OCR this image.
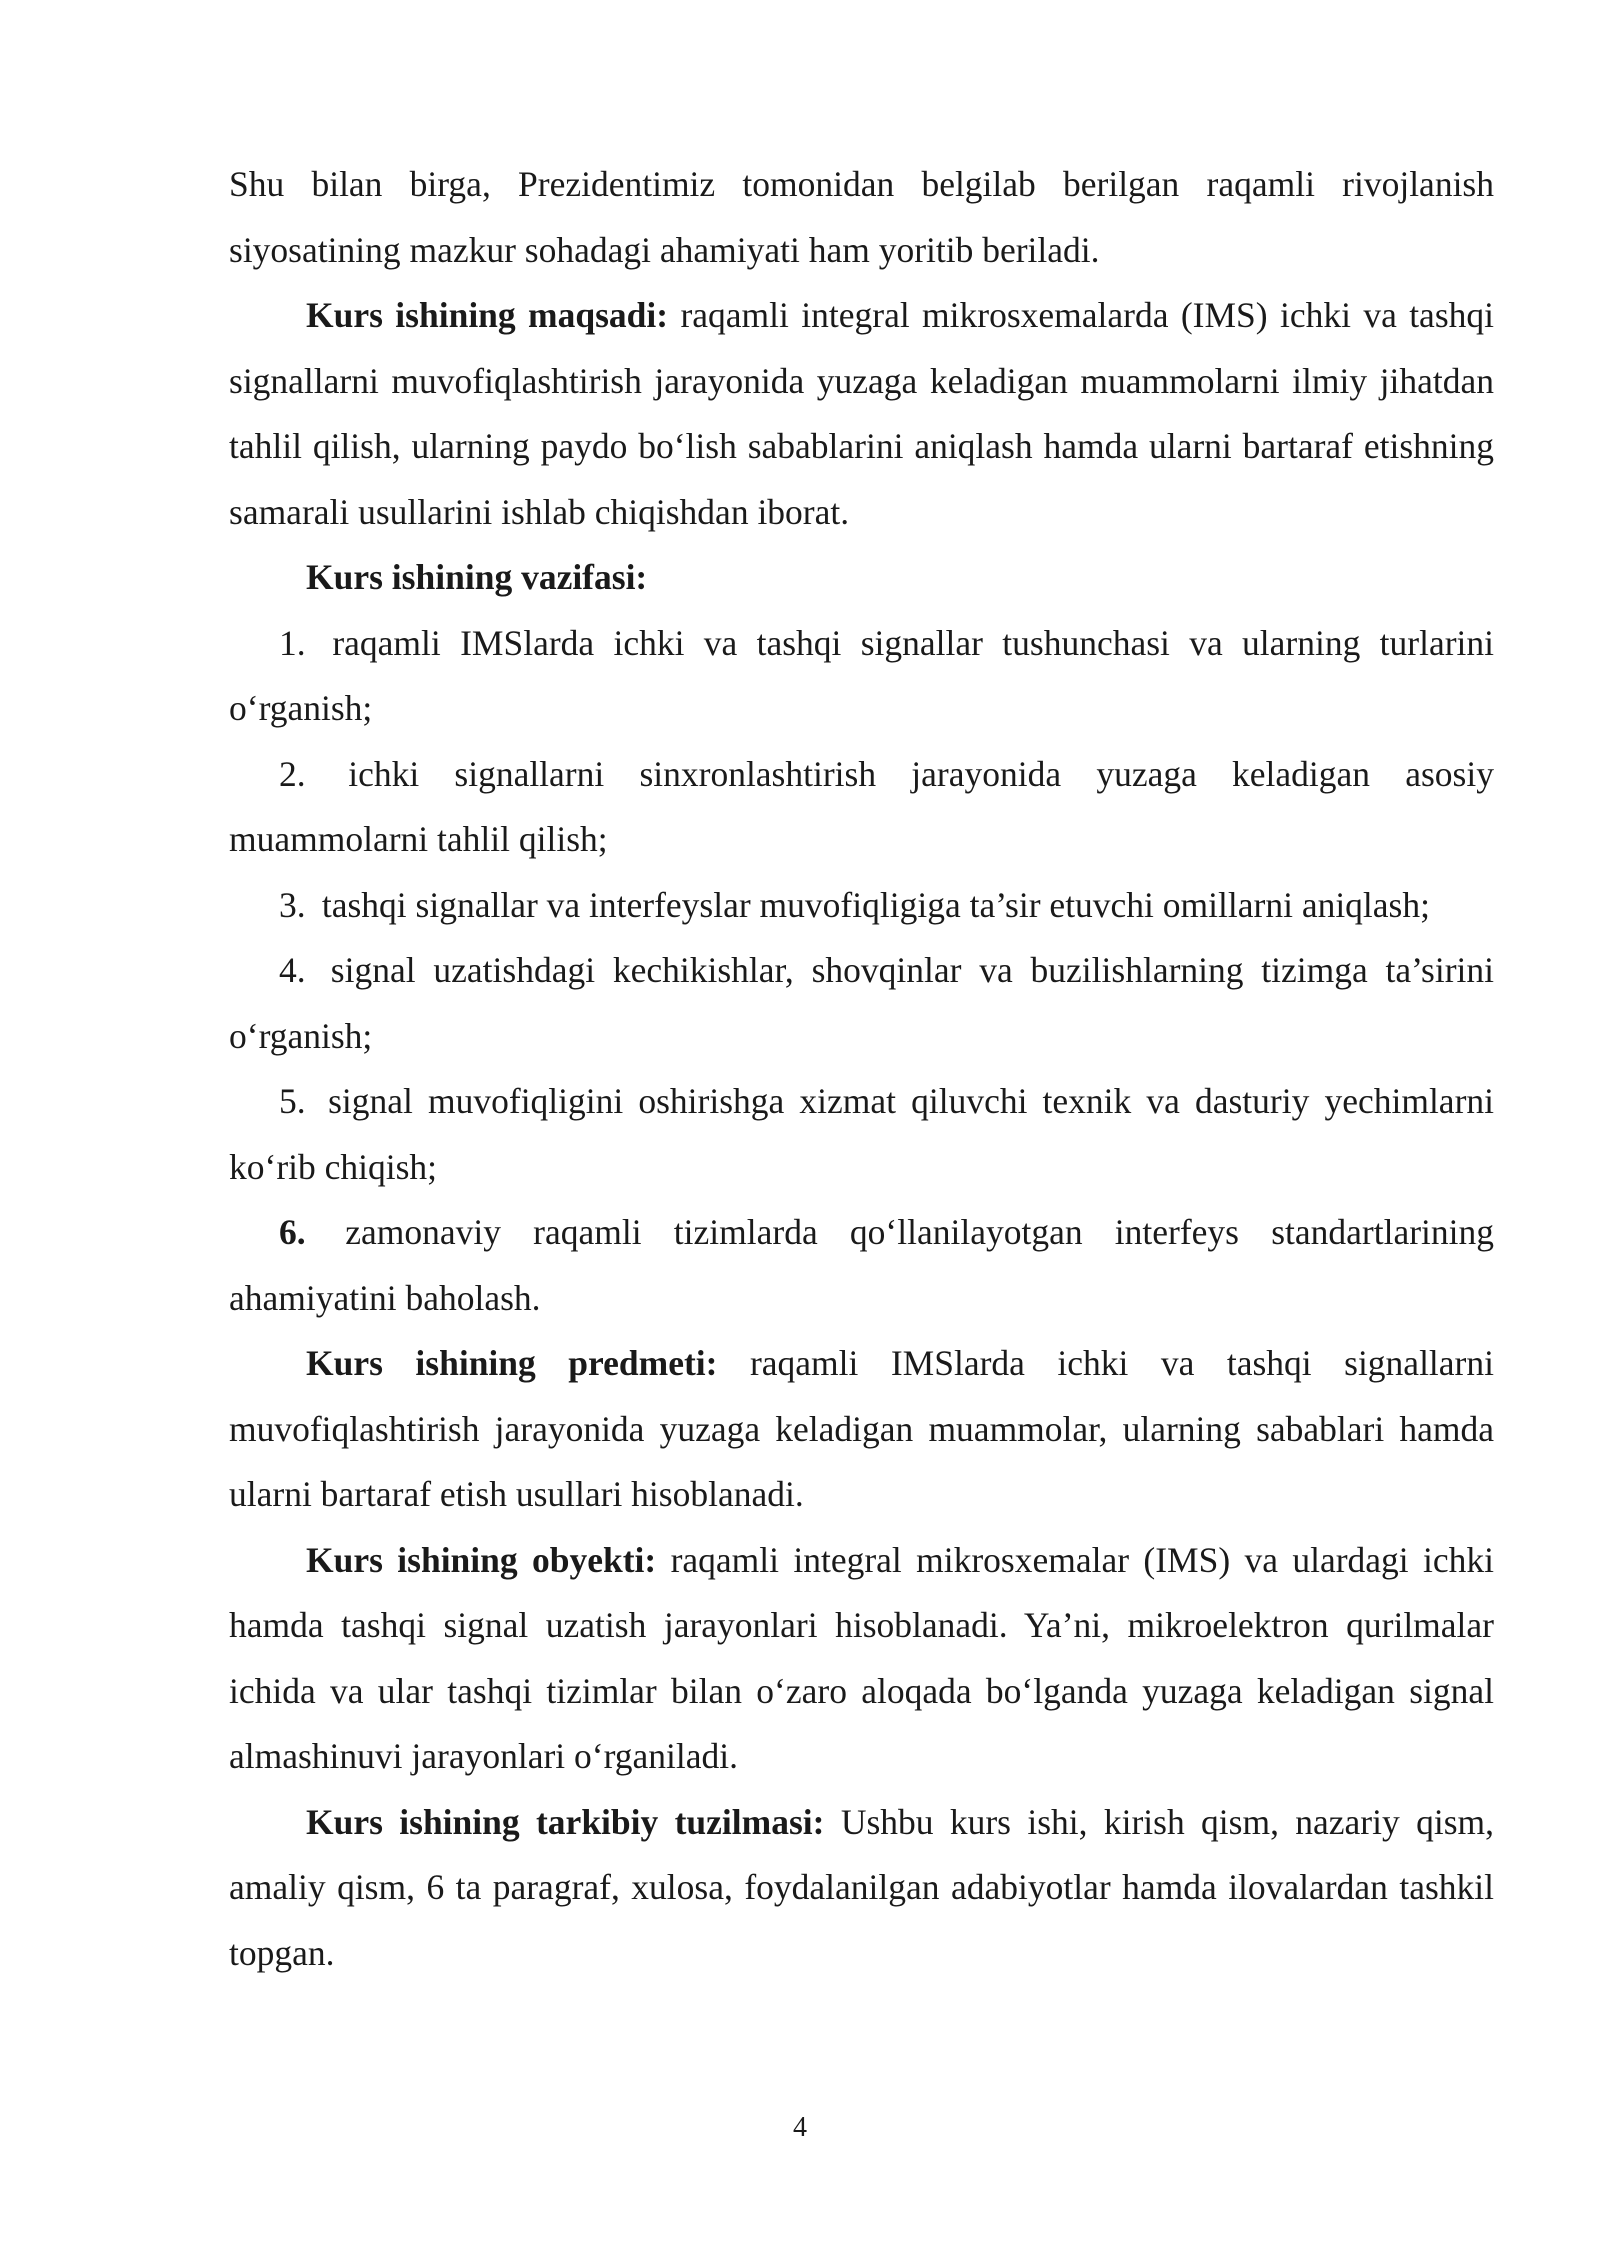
Shu bilan birga, Prezidentimiz tomonidan belgilab berilgan raqamli rivojlanish siyosatining mazkur sohadagi ahamiyati ham yoritib beriladi.

Kurs ishining maqsadi: raqamli integral mikrosxemalarda (IMS) ichki va tashqi signallarni muvofiqlashtirish jarayonida yuzaga keladigan muammolarni ilmiy jihatdan tahlil qilish, ularning paydo boʻlish sabablarini aniqlash hamda ularni bartaraf etishning samarali usullarini ishlab chiqishdan iborat.

Kurs ishining vazifasi:

1. raqamli IMSlarda ichki va tashqi signallar tushunchasi va ularning turlarini oʻrganish;

2. ichki signallarni sinxronlashtirish jarayonida yuzaga keladigan asosiy muammolarni tahlil qilish;

3. tashqi signallar va interfeyslar muvofiqligiga ta’sir etuvchi omillarni aniqlash;

4. signal uzatishdagi kechikishlar, shovqinlar va buzilishlarning tizimga ta’sirini oʻrganish;

5. signal muvofiqligini oshirishga xizmat qiluvchi texnik va dasturiy yechimlarni koʻrib chiqish;

6. zamonaviy raqamli tizimlarda qoʻllanilayotgan interfeys standartlarining ahamiyatini baholash.

Kurs ishining predmeti: raqamli IMSlarda ichki va tashqi signallarni muvofiqlashtirish jarayonida yuzaga keladigan muammolar, ularning sabablari hamda ularni bartaraf etish usullari hisoblanadi.

Kurs ishining obyekti: raqamli integral mikrosxemalar (IMS) va ulardagi ichki hamda tashqi signal uzatish jarayonlari hisoblanadi. Ya’ni, mikroelektron qurilmalar ichida va ular tashqi tizimlar bilan oʻzaro aloqada boʻlganda yuzaga keladigan signal almashinuvi jarayonlari oʻrganiladi.

Kurs ishining tarkibiy tuzilmasi: Ushbu kurs ishi, kirish qism, nazariy qism, amaliy qism, 6 ta paragraf, xulosa, foydalanilgan adabiyotlar hamda ilovalardan tashkil topgan.

4
